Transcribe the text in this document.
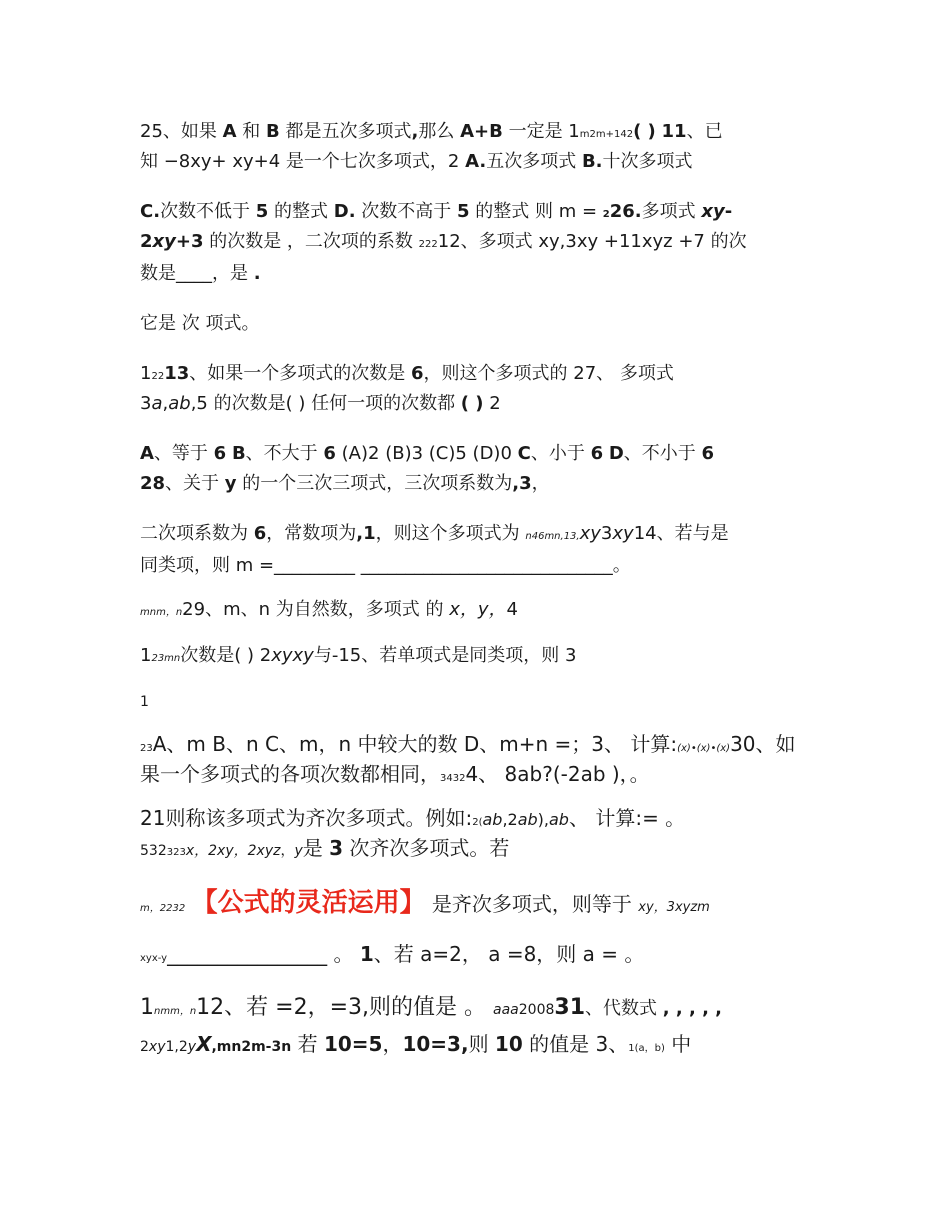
25、如果 A 和 B 都是五次多项式,那么 A+B 一定是 1m2m+142( ) 11、已
知 −8xy+ xy+4 是一个七次多项式，2 A.五次多项式 B.十次多项式
C.次数不低于 5 的整式 D. 次数不高于 5 的整式 则 m = 226.多项式 xy-
2xy+3 的次数是 ，二次项的系数 22212、多项式 xy,3xy +11xyz +7 的次
数是____，是 .
它是 次 项式。
12213、如果一个多项式的次数是 6，则这个多项式的 27、 多项式
3a,ab,5 的次数是( ) 任何一项的次数都 ( ) 2
A、等于 6 B、不大于 6 (A)2 (B)3 (C)5 (D)0 C、小于 6 D、不小于 6
28、关于 y 的一个三次三项式，三次项系数为,3，
二次项系数为 6，常数项为,1，则这个多项式为 n46mn,13,xy3xy14、若与是
同类项，则 m =_________ ____________________________。
mnm，n29、m、n 为自然数，多项式 的 x，y，4
123mn次数是( ) 2xyxy与-15、若单项式是同类项，则 3
1
23A、m B、n C、m，n 中较大的数 D、m+n =；3、 计算:(x)•(x)•(x)30、如
果一个多项式的各项次数都相同，34324、 8ab?(-2ab )，。
21则称该多项式为齐次多项式。例如:2(ab,2ab),ab、 计算:= 。
532323x，2xy，2xyz，y是 3 次齐次多项式。若
m，2232 【公式的灵活运用】 是齐次多项式，则等于 xy，3xyzm
xyx-y________________ 。 1、若 a=2， a =8，则 a = 。
1nmm，n12、若 =2，=3,则的值是 。 aaa200831、代数式 , , , , ,
2xy1,2yX,mn2m-3n 若 10=5，10=3,则 10 的值是 3、1(a，b) 中
